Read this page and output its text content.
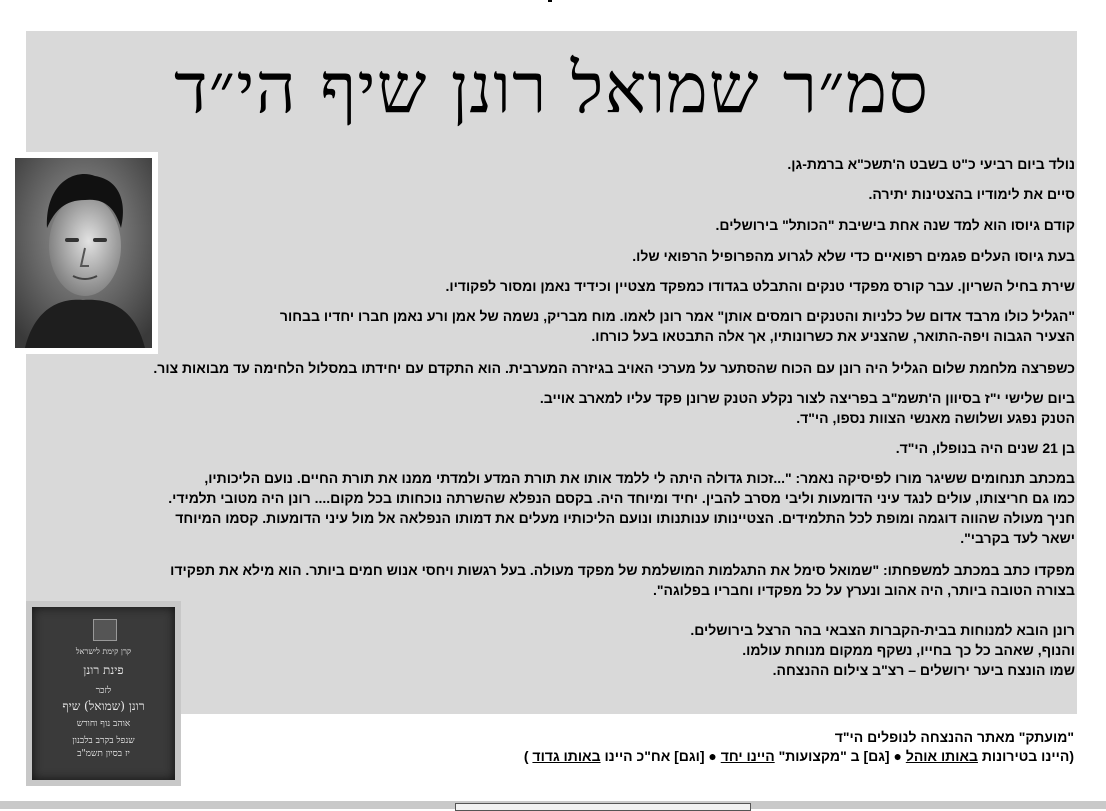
סמ״ר שמואל רונן שיף הי״ד
נולד ביום רביעי כ"ט בשבט ה'תשכ"א ברמת-גן.
סיים את לימודיו בהצטינות יתירה.
קודם גיוסו הוא למד שנה אחת בישיבת "הכותל" בירושלים.
בעת גיוסו העלים פגמים רפואיים כדי שלא לגרוע מהפרופיל הרפואי שלו.
שירת בחיל השריון. עבר קורס מפקדי טנקים והתבלט בגדודו כמפקד מצטיין וכידיד נאמן ומסור לפקודיו.
"הגליל כולו מרבד אדום של כלניות והטנקים רומסים אותן" אמר רונן לאמו. מוח מבריק, נשמה של אמן ורע נאמן חברו יחדיו בבחור
הצעיר הגבוה ויפה-התואר, שהצניע את כשרונותיו, אך אלה התבטאו בעל כורחו.
כשפרצה מלחמת שלום הגליל היה רונן עם הכוח שהסתער על מערכי האויב בגיזרה המערבית. הוא התקדם עם יחידתו במסלול הלחימה עד מבואות צור.
ביום שלישי י"ז בסיוון ה'תשמ"ב בפריצה לצור נקלע הטנק שרונן פקד עליו למארב אוייב.
הטנק נפגע ושלושה מאנשי הצוות נספו, הי"ד.
בן 21 שנים היה בנופלו, הי"ד.
במכתב תנחומים ששיגר מורו לפיסיקה נאמר: "...זכות גדולה היתה לי ללמד אותו את תורת המדע ולמדתי ממנו את תורת החיים. נועם הליכותיו,
כמו גם חריצותו, עולים לנגד עיני הדומעות וליבי מסרב להבין. יחיד ומיוחד היה. בקסם הנפלא שהשרתה נוכחותו בכל מקום.... רונן היה מטובי תלמידי.
חניך מעולה שהווה דוגמה ומופת לכל התלמידים. הצטיינותו ענותנותו ונועם הליכותיו מעלים את דמותו הנפלאה אל מול עיני הדומעות. קסמו המיוחד
ישאר לעד בקרבי".
מפקדו כתב במכתב למשפחתו: "שמואל סימל את התגלמות המושלמת של מפקד מעולה. בעל רגשות ויחסי אנוש חמים ביותר. הוא מילא את תפקידו
בצורה הטובה ביותר, היה אהוב ונערץ על כל מפקדיו וחבריו בפלוגה".
רונן הובא למנוחות בבית-הקברות הצבאי בהר הרצל בירושלים.
והנוף, שאהב כל כך בחייו, נשקף ממקום מנוחת עולמו.
שמו הונצח ביער ירושלים – רצ"ב צילום ההנצחה.
קרן קימת לישראל
פינת רונן
לזכר
רונן (שמואל) שיף
אוהב נוף וחורש
שנפל בקרב בלבנון
יז בסיון תשמ"ב
"מועתק" מאתר ההנצחה לנופלים הי"ד
(היינו בטירונות באותו אוהל ● [גם] ב "מקצועות" היינו יחד ● [וגם] אח"כ היינו באותו גדוד )
